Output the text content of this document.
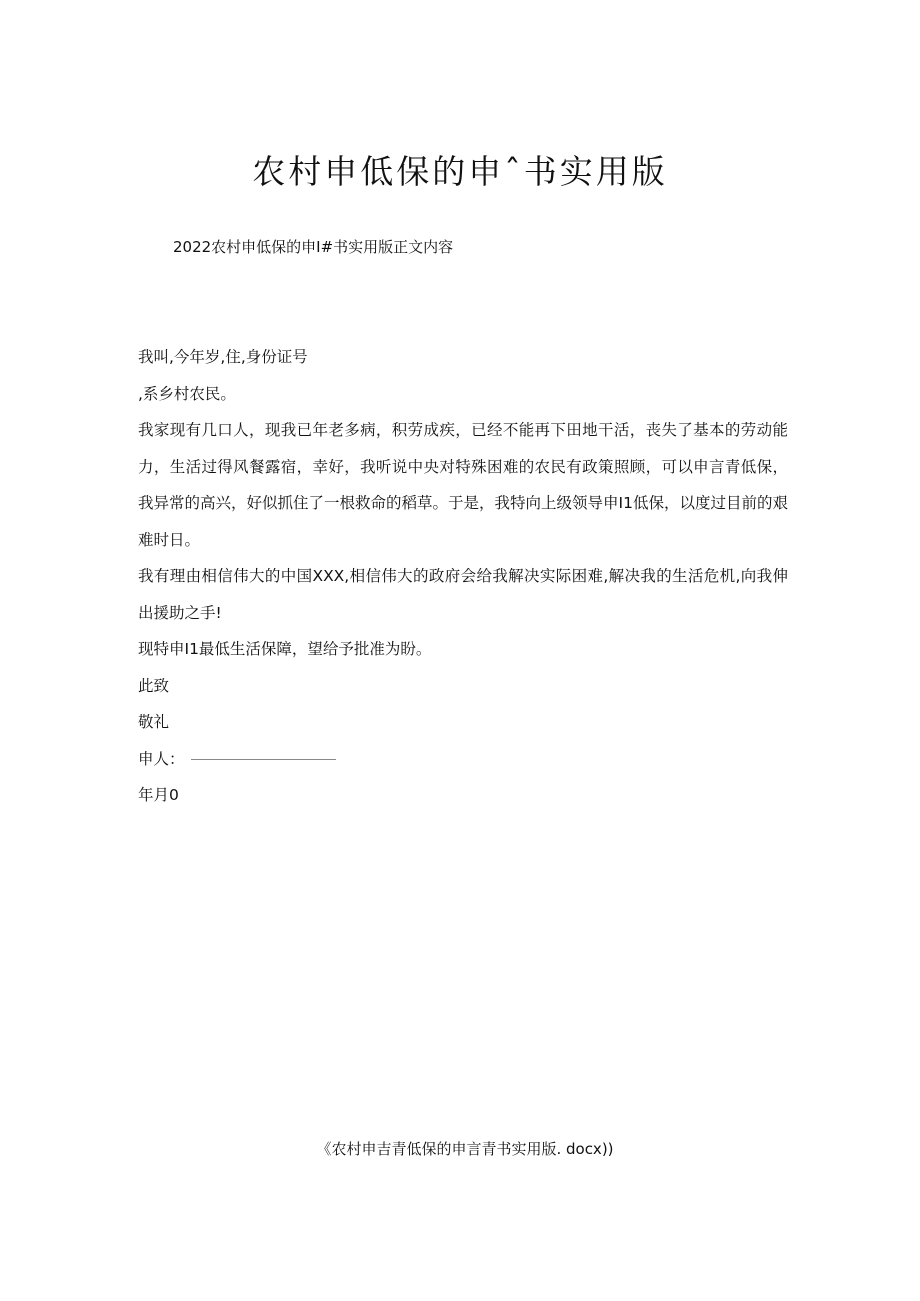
农村申低保的申ˆ书实用版

2022农村申低保的申I#书实用版正文内容

我叫,今年岁,住,身份证号

,系乡村农民。

我家现有几口人，现我已年老多病，积劳成疾，已经不能再下田地干活，丧失了基本的劳动能力，生活过得风餐露宿，幸好，我听说中央对特殊困难的农民有政策照顾，可以申言青低保，我异常的高兴，好似抓住了一根救命的稻草。于是，我特向上级领导申I1低保，以度过目前的艰难时日。

我有理由相信伟大的中国XXX,相信伟大的政府会给我解决实际困难,解决我的生活危机,向我伸出援助之手!

现特申I1最低生活保障，望给予批准为盼。

此致

敬礼

申人：

年月0

《农村申吉青低保的申言青书实用版. docx))
